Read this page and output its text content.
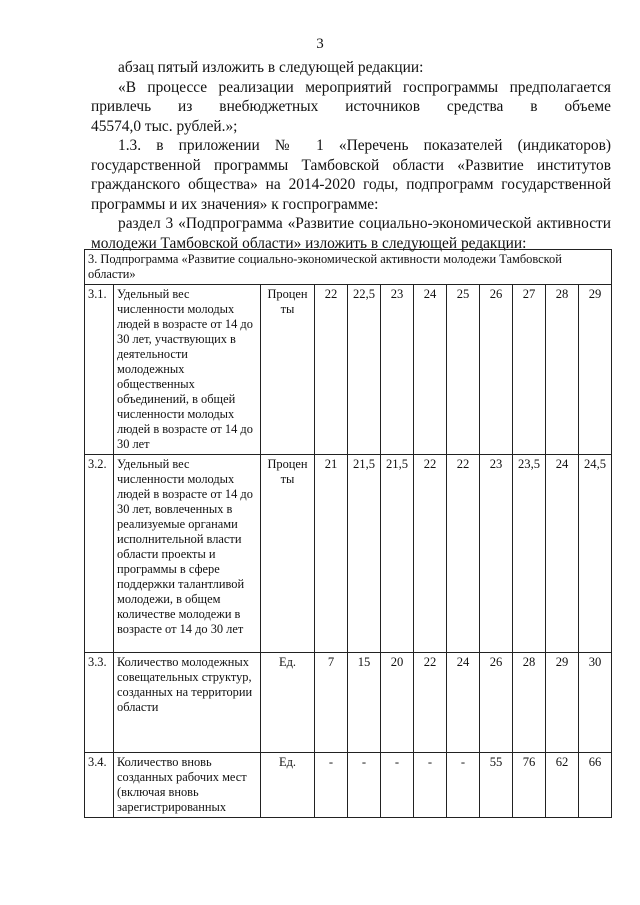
3
абзац пятый изложить в следующей редакции:
«В процессе реализации мероприятий госпрограммы предполагается
привлечь из внебюджетных источников средства в объеме
45574,0 тыс. рублей.»;
1.3. в приложении № 1 «Перечень показателей (индикаторов)
государственной программы Тамбовской области «Развитие институтов гражданского общества» на 2014-2020 годы, подпрограмм государственной программы и их значения» к госпрограмме:
раздел 3 «Подпрограмма «Развитие социально-экономической активности
молодежи Тамбовской области» изложить в следующей редакции:
3. Подпрограмма «Развитие социально-экономической активности молодежи Тамбовской области»											
3.1.	Удельный вес численности молодых людей в возрасте от 14 до 30 лет, участвующих в деятельности молодежных общественных объединений, в общей численности молодых людей в возрасте от 14 до 30 лет	Процен ты	22	22,5	23	24	25	26	27	28	29
3.2.	Удельный вес численности молодых людей в возрасте от 14 до 30 лет, вовлеченных в реализуемые органами исполнительной власти области проекты и программы в сфере поддержки талантливой молодежи, в общем количестве молодежи в возрасте от 14 до 30 лет	Процен ты	21	21,5	21,5	22	22	23	23,5	24	24,5
3.3.	Количество молодежных совещательных структур, созданных на территории области	Ед.	7	15	20	22	24	26	28	29	30
3.4.	Количество вновь созданных рабочих мест (включая вновь зарегистрированных	Ед.	-	-	-	-	-	55	76	62	66
